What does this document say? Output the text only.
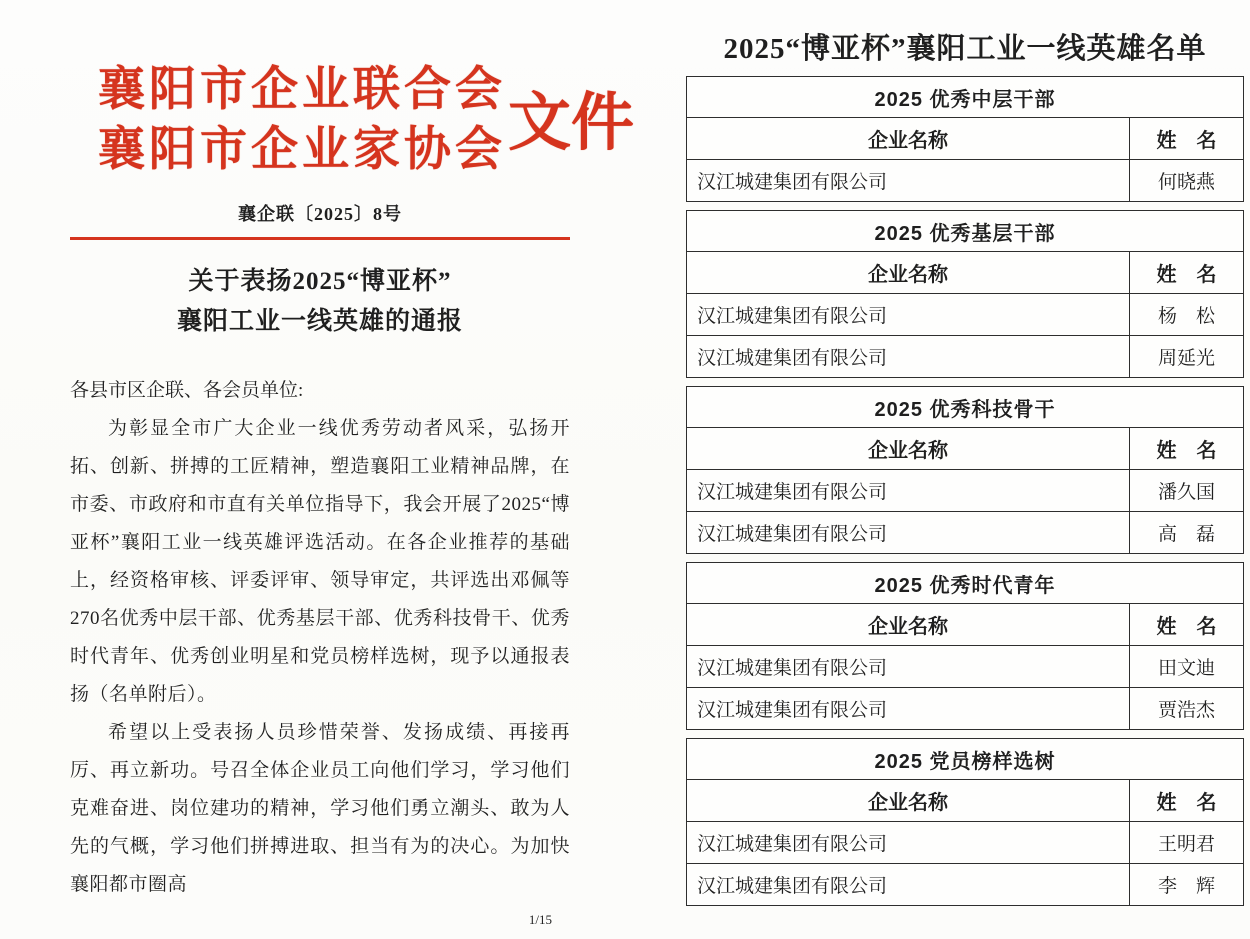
襄阳市企业联合会
襄阳市企业家协会 文件
襄企联〔2025〕8号
关于表扬2025“博亚杯”
襄阳工业一线英雄的通报
各县市区企联、各会员单位:

为彰显全市广大企业一线优秀劳动者风采，弘扬开拓、创新、拼搏的工匠精神，塑造襄阳工业精神品牌，在市委、市政府和市直有关单位指导下，我会开展了2025“博亚杯”襄阳工业一线英雄评选活动。在各企业推荐的基础上，经资格审核、评委评审、领导审定，共评选出邓佩等270名优秀中层干部、优秀基层干部、优秀科技骨干、优秀时代青年、优秀创业明星和党员榜样选树，现予以通报表扬（名单附后）。

希望以上受表扬人员珍惜荣誉、发扬成绩、再接再厉、再立新功。号召全体企业员工向他们学习，学习他们克难奋进、岗位建功的精神，学习他们勇立潮头、敢为人先的气概，学习他们拼搏进取、担当有为的决心。为加快襄阳都市圈高

1/15
2025“博亚杯”襄阳工业一线英雄名单
2025 优秀中层干部
企业名称	姓　名
汉江城建集团有限公司	何晓燕
2025 优秀基层干部
企业名称	姓　名
汉江城建集团有限公司	杨　松
汉江城建集团有限公司	周延光
2025 优秀科技骨干
企业名称	姓　名
汉江城建集团有限公司	潘久国
汉江城建集团有限公司	高　磊
2025 优秀时代青年
企业名称	姓　名
汉江城建集团有限公司	田文迪
汉江城建集团有限公司	贾浩杰
2025 党员榜样选树
企业名称	姓　名
汉江城建集团有限公司	王明君
汉江城建集团有限公司	李　辉
